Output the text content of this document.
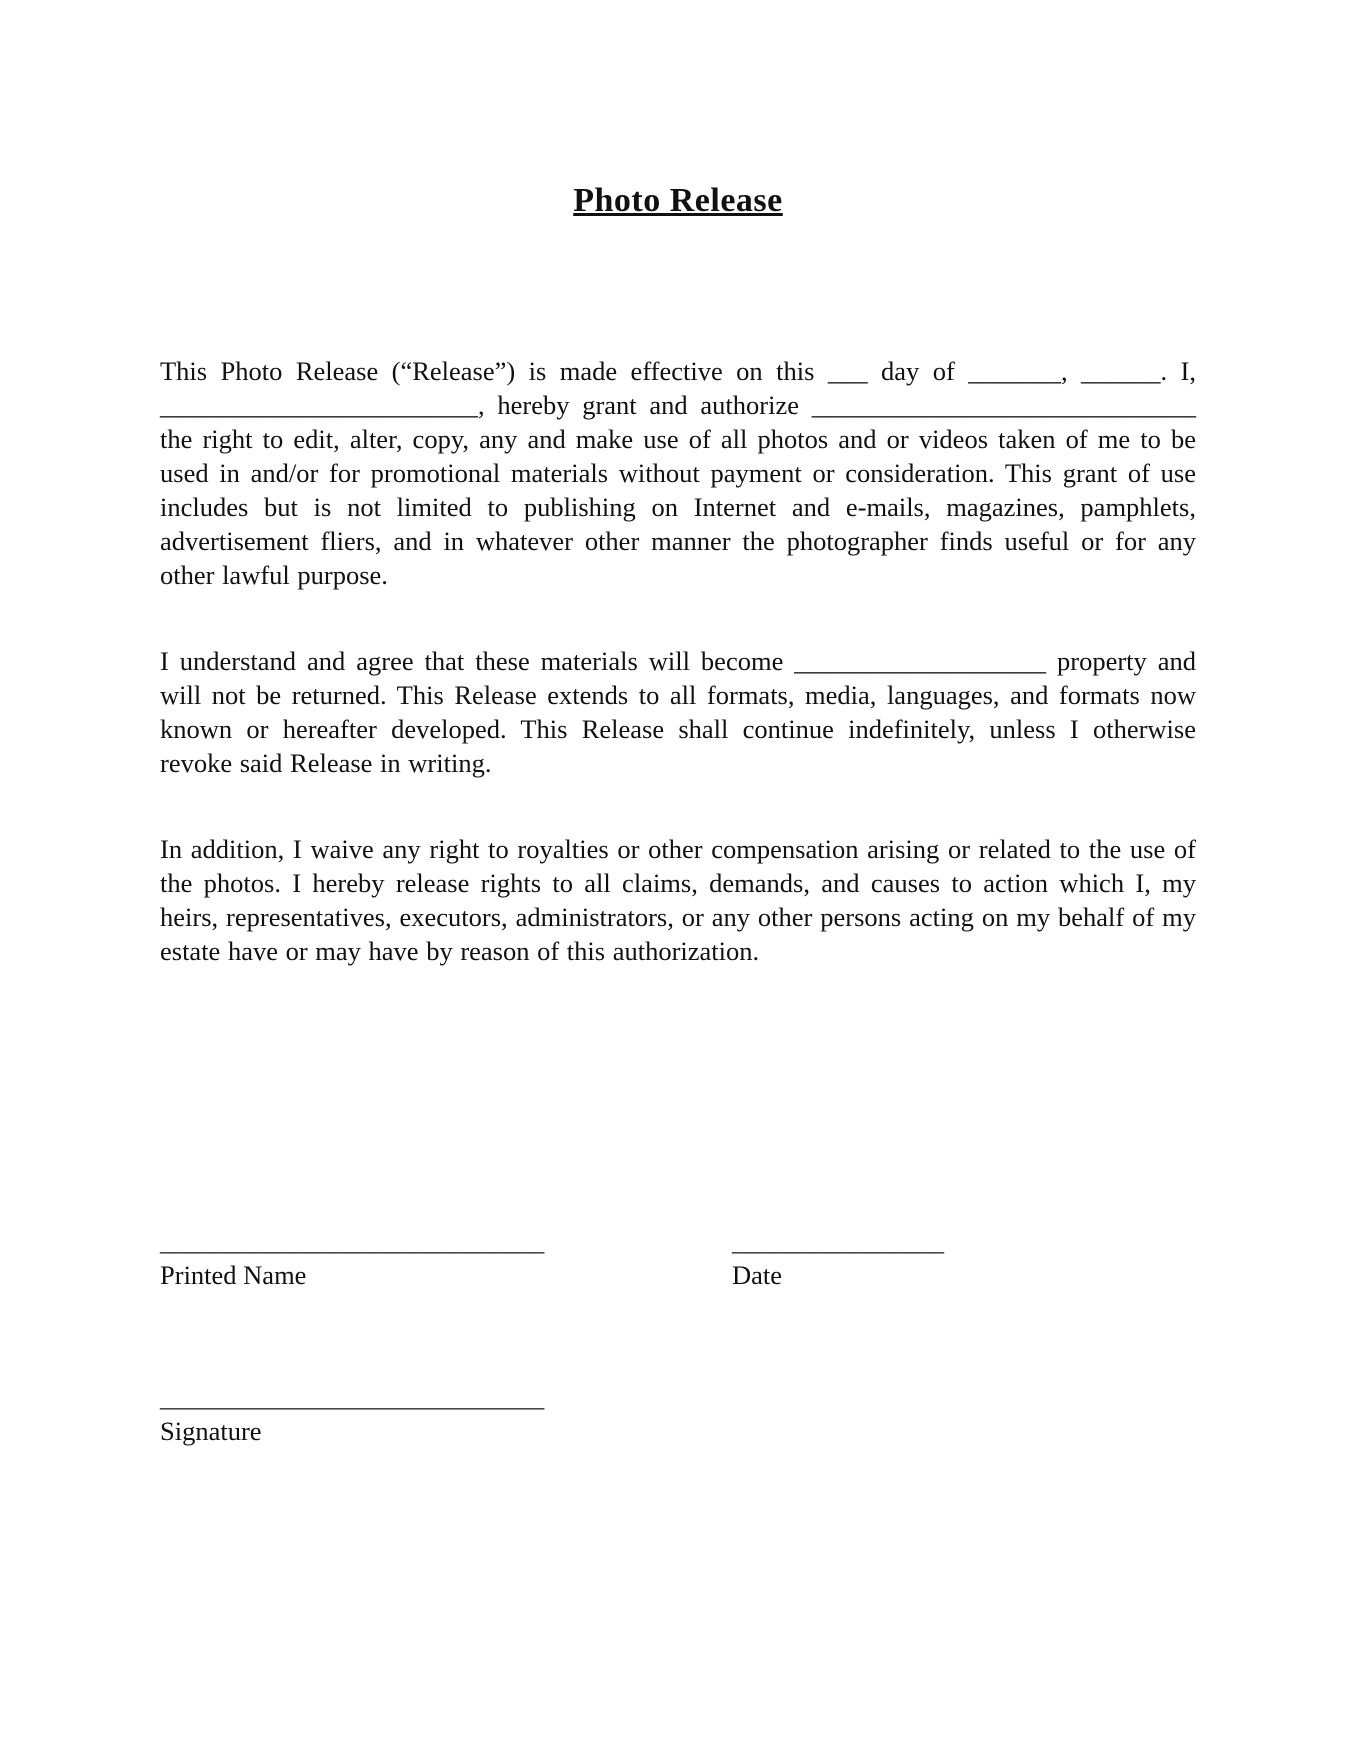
Photo Release
This Photo Release (“Release”) is made effective on this ___ day of _______, ______. I, ________________________, hereby grant and authorize _____________________________ the right to edit, alter, copy, any and make use of all photos and or videos taken of me to be used in and/or for promotional materials without payment or consideration. This grant of use includes but is not limited to publishing on Internet and e-mails, magazines, pamphlets, advertisement fliers, and in whatever other manner the photographer finds useful or for any other lawful purpose.
I understand and agree that these materials will become ___________________ property and will not be returned. This Release extends to all formats, media, languages, and formats now known or hereafter developed. This Release shall continue indefinitely, unless I otherwise revoke said Release in writing.
In addition, I waive any right to royalties or other compensation arising or related to the use of the photos. I hereby release rights to all claims, demands, and causes to action which I, my heirs, representatives, executors, administrators, or any other persons acting on my behalf of my estate have or may have by reason of this authorization.
_____________________________
Printed Name
________________
Date
_____________________________
Signature
